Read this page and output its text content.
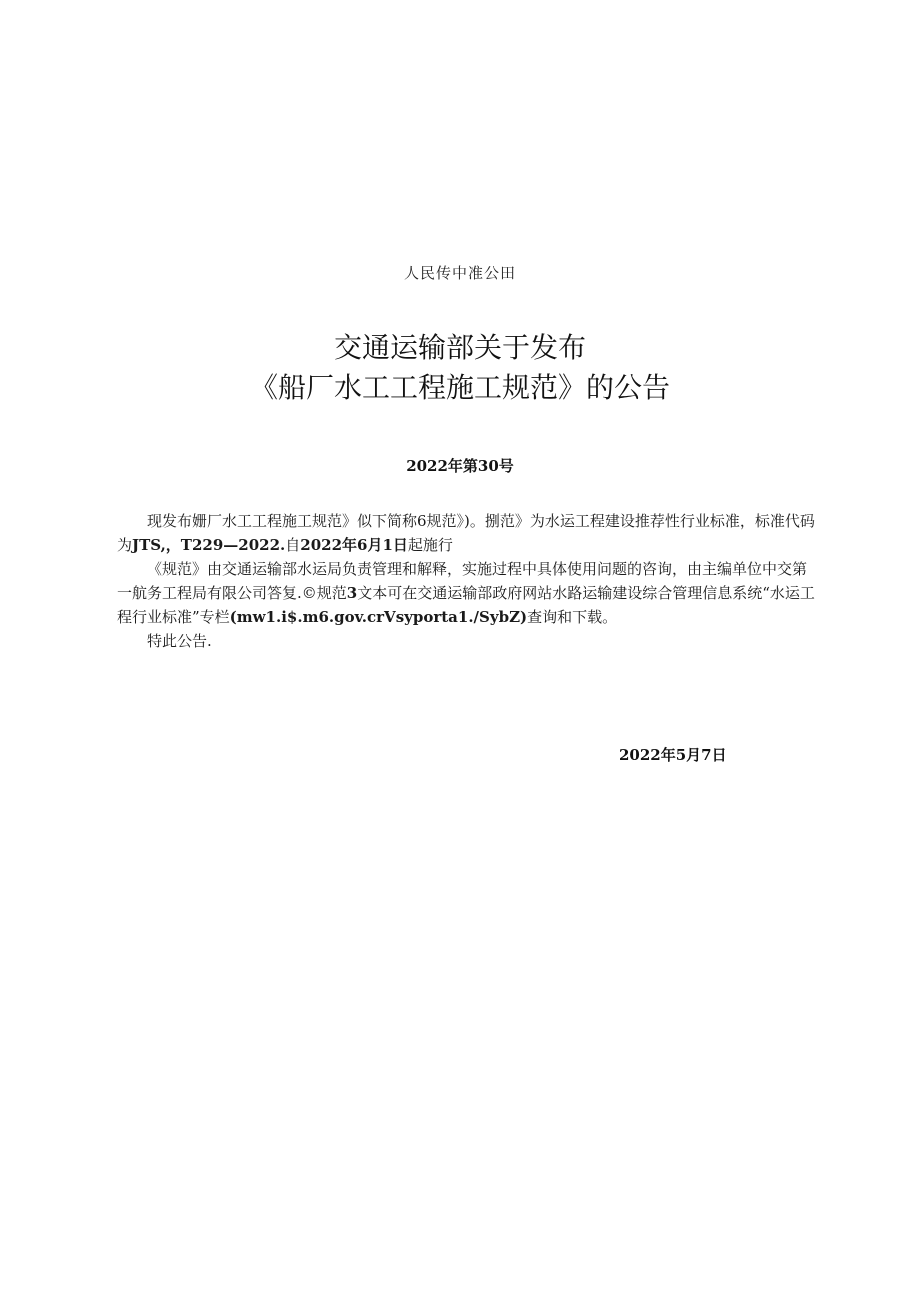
人民传中准公田
交通运输部关于发布
《船厂水工工程施工规范》的公告
2022年第30号

现发布姗厂水工工程施工规范》似下简称6规范》)。捌范》为水运工程建设推荐性行业标准，标准代码为JTS,，T229—2022.自2022年6月1日起施行

《规范》由交通运输部水运局负责管理和解释，实施过程中具体使用问题的咨询，由主编单位中交第一航务工程局有限公司答复.©规范3文本可在交通运输部政府网站水路运输建设综合管理信息系统“水运工程行业标准”专栏(mw1.i$.m6.gov.crVsyporta1./SybZ)查询和下载。

特此公告.

2022年5月7日
